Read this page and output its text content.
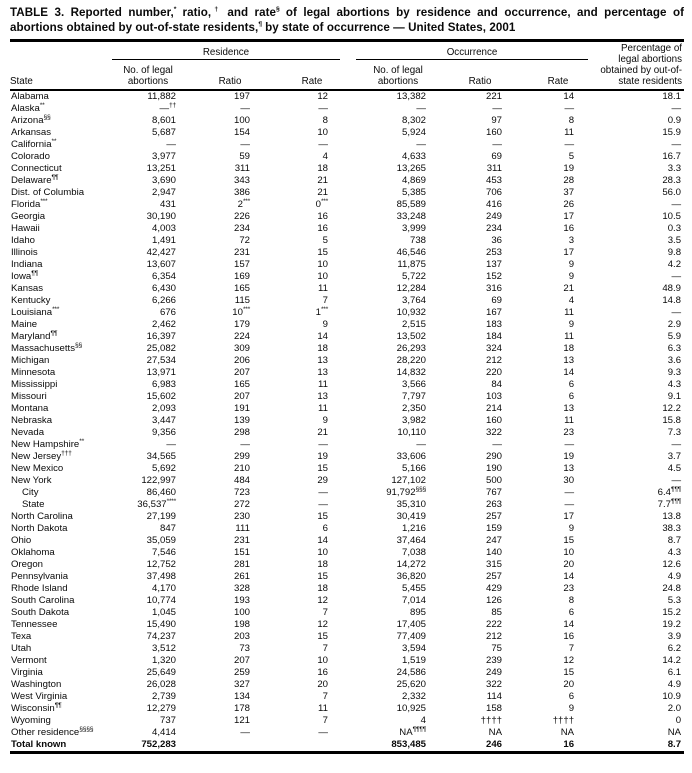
TABLE 3. Reported number,* ratio,† and rate§ of legal abortions by residence and occurrence, and percentage of abortions obtained by out-of-state residents,¶ by state of occurrence — United States, 2001
State	Residence			Occurrence			Percentage of legal abortions obtained by out-of-state residents
	No. of legal abortions	Ratio	Rate	No. of legal abortions	Ratio	Rate	
Alabama	11,882	197	12	13,382	221	14	18.1
Alaska**	—††	—	—	—	—	—	—
Arizona§§	8,601	100	8	8,302	97	8	0.9
Arkansas	5,687	154	10	5,924	160	11	15.9
California**	—	—	—	—	—	—	—
Colorado	3,977	59	4	4,633	69	5	16.7
Connecticut	13,251	311	18	13,265	311	19	3.3
Delaware¶¶	3,690	343	21	4,869	453	28	28.3
Dist. of Columbia	2,947	386	21	5,385	706	37	56.0
Florida***	431	2***	0***	85,589	416	26	—
Georgia	30,190	226	16	33,248	249	17	10.5
Hawaii	4,003	234	16	3,999	234	16	0.3
Idaho	1,491	72	5	738	36	3	3.5
Illinois	42,427	231	15	46,546	253	17	9.8
Indiana	13,607	157	10	11,875	137	9	4.2
Iowa¶¶	6,354	169	10	5,722	152	9	—
Kansas	6,430	165	11	12,284	316	21	48.9
Kentucky	6,266	115	7	3,764	69	4	14.8
Louisiana***	676	10***	1***	10,932	167	11	—
Maine	2,462	179	9	2,515	183	9	2.9
Maryland¶¶	16,397	224	14	13,502	184	11	5.9
Massachusetts§§	25,082	309	18	26,293	324	18	6.3
Michigan	27,534	206	13	28,220	212	13	3.6
Minnesota	13,971	207	13	14,832	220	14	9.3
Mississippi	6,983	165	11	3,566	84	6	4.3
Missouri	15,602	207	13	7,797	103	6	9.1
Montana	2,093	191	11	2,350	214	13	12.2
Nebraska	3,447	139	9	3,982	160	11	15.8
Nevada	9,356	298	21	10,110	322	23	7.3
New Hampshire**	—	—	—	—	—	—	—
New Jersey†††	34,565	299	19	33,606	290	19	3.7
New Mexico	5,692	210	15	5,166	190	13	4.5
New York	122,997	484	29	127,102	500	30	—
City	86,460	723	—	91,792§§§	767	—	6.4¶¶¶
State	36,537****	272	—	35,310	263	—	7.7¶¶¶
North Carolina	27,199	230	15	30,419	257	17	13.8
North Dakota	847	111	6	1,216	159	9	38.3
Ohio	35,059	231	14	37,464	247	15	8.7
Oklahoma	7,546	151	10	7,038	140	10	4.3
Oregon	12,752	281	18	14,272	315	20	12.6
Pennsylvania	37,498	261	15	36,820	257	14	4.9
Rhode Island	4,170	328	18	5,455	429	23	24.8
South Carolina	10,774	193	12	7,014	126	8	5.3
South Dakota	1,045	100	7	895	85	6	15.2
Tennessee	15,490	198	12	17,405	222	14	19.2
Texa	74,237	203	15	77,409	212	16	3.9
Utah	3,512	73	7	3,594	75	7	6.2
Vermont	1,320	207	10	1,519	239	12	14.2
Virginia	25,649	259	16	24,586	249	15	6.1
Washington	26,028	327	20	25,620	322	20	4.9
West Virginia	2,739	134	7	2,332	114	6	10.9
Wisconsin¶¶	12,279	178	11	10,925	158	9	2.0
Wyoming	737	121	7	4	††††	††††	0
Other residence§§§§	4,414	—	—	NA¶¶¶¶	NA	NA	NA
Total known	752,283			853,485	246	16	8.7
